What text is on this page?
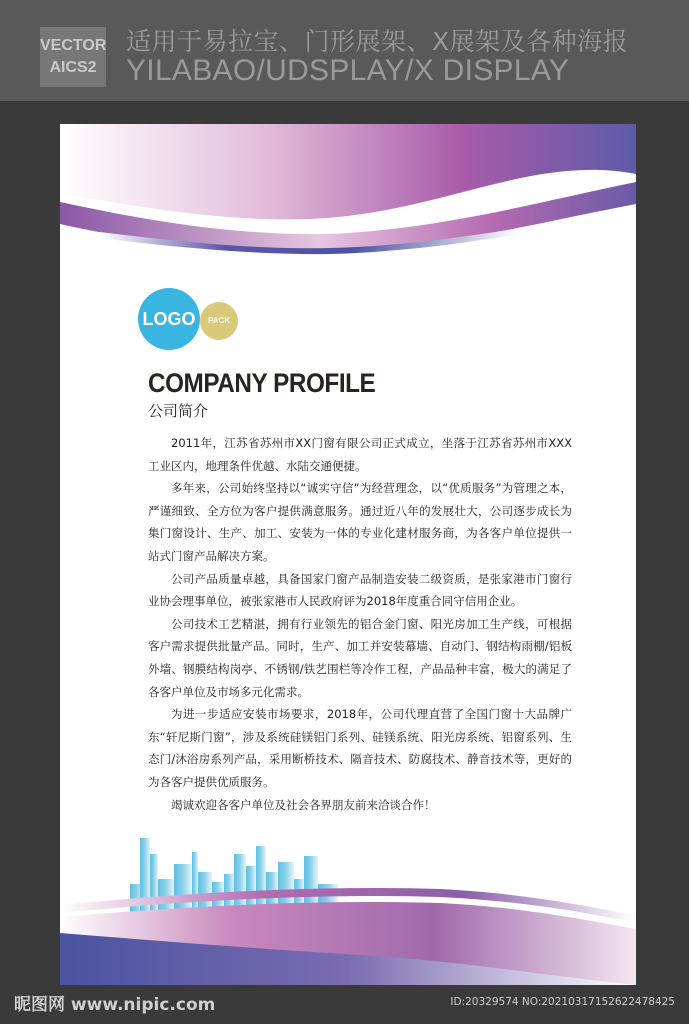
VECTOR
AICS2
适用于易拉宝、门形展架、X展架及各种海报
YILABAO/UDSPLAY/X DISPLAY
LOGO	PACK
COMPANY PROFILE
公司简介

2011年，江苏省苏州市XX门窗有限公司正式成立，坐落于江苏省苏州市XXX工业区内，地理条件优越、水陆交通便捷。

多年来，公司始终坚持以“诚实守信”为经营理念，以“优质服务”为管理之本，严谨细致、全方位为客户提供满意服务。通过近八年的发展壮大，公司逐步成长为集门窗设计、生产、加工、安装为一体的专业化建材服务商，为各客户单位提供一站式门窗产品解决方案。

公司产品质量卓越，具备国家门窗产品制造安装二级资质，是张家港市门窗行业协会理事单位，被张家港市人民政府评为2018年度重合同守信用企业。

公司技术工艺精湛，拥有行业领先的铝合金门窗、阳光房加工生产线，可根据客户需求提供批量产品。同时，生产、加工并安装幕墙、自动门、钢结构雨棚/铝板外墙、钢膜结构岗亭、不锈钢/铁艺围栏等冷作工程，产品品种丰富，极大的满足了各客户单位及市场多元化需求。

为进一步适应安装市场要求，2018年，公司代理直营了全国门窗十大品牌广东“轩尼斯门窗”，涉及系统硅镁铝门系列、硅镁系统、阳光房系统、铝窗系列、生态门/沐浴房系列产品，采用断桥技术、隔音技术、防腐技术、静音技术等，更好的为各客户提供优质服务。

竭诚欢迎各客户单位及社会各界朋友前来洽谈合作！

昵图网 www.nipic.com	ID:20329574 NO:20210317152622478425
